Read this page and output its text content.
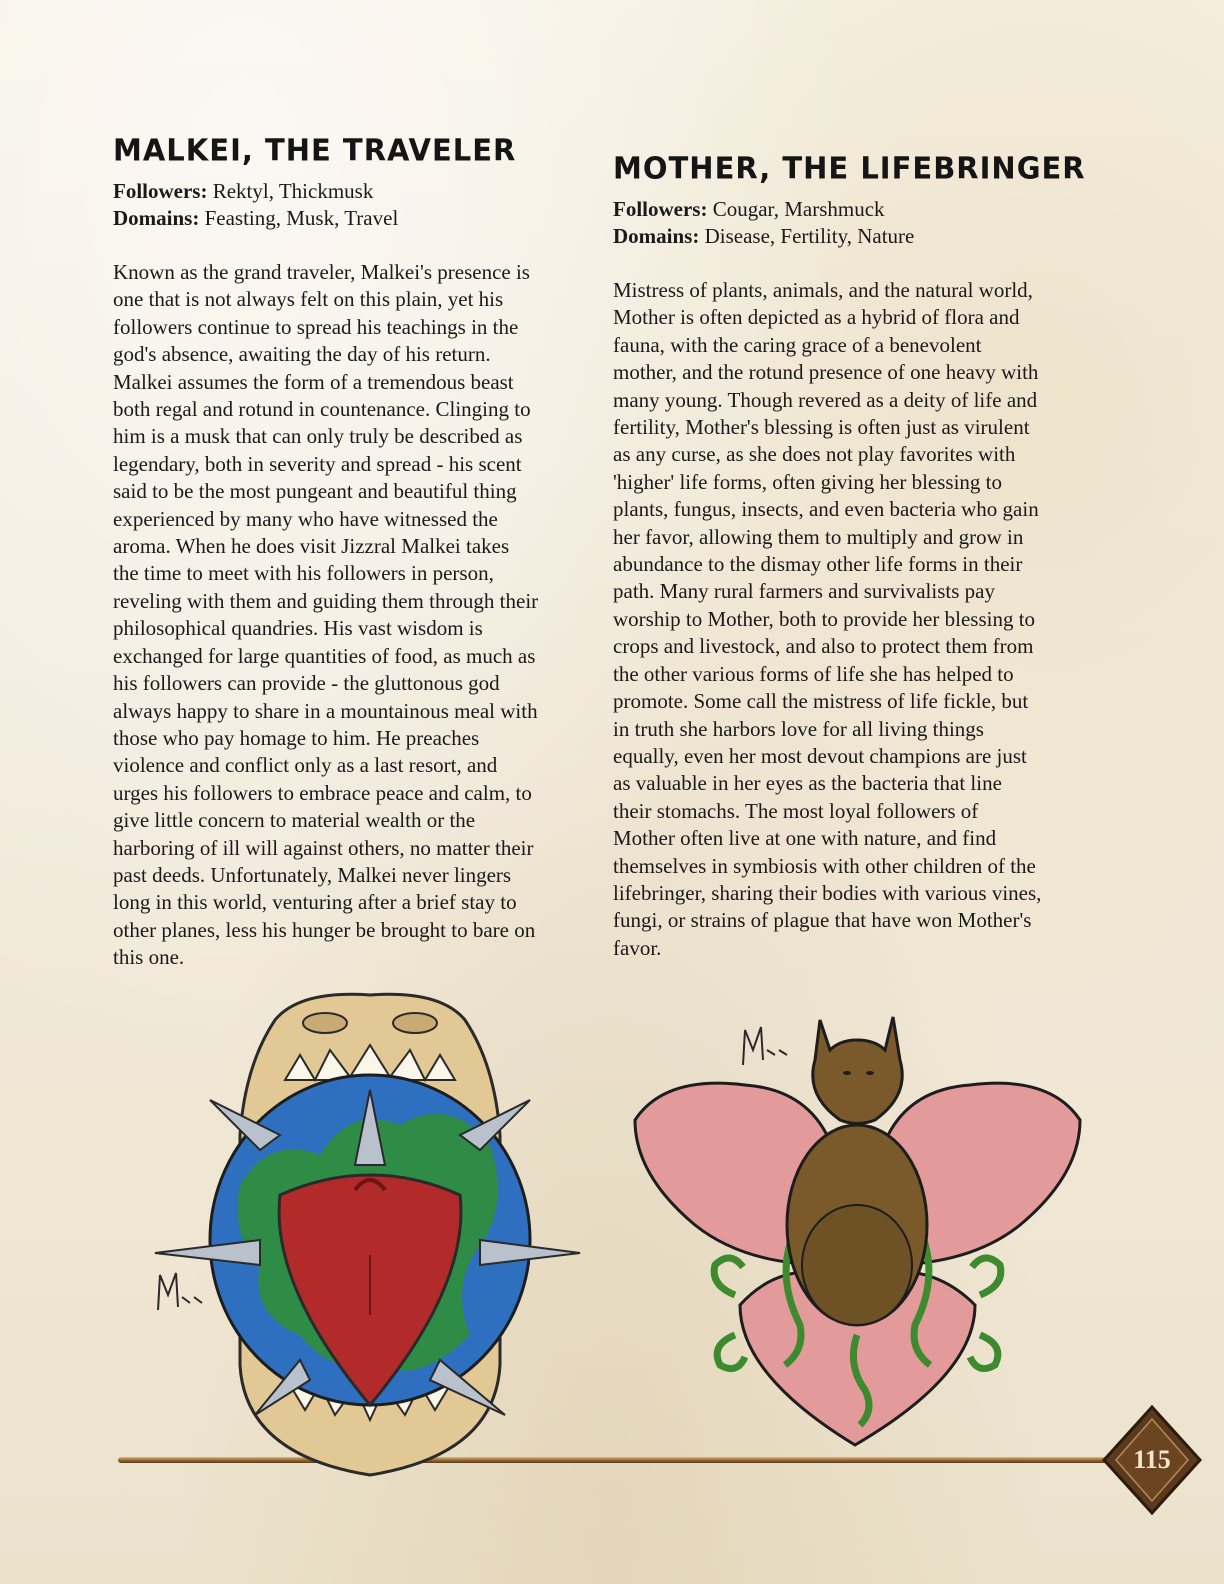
MALKEI, THE TRAVELER

Followers: Rektyl, Thickmusk

Domains: Feasting, Musk, Travel

Known as the grand traveler, Malkei's presence is
one that is not always felt on this plain, yet his
followers continue to spread his teachings in the
god's absence, awaiting the day of his return.
Malkei assumes the form of a tremendous beast
both regal and rotund in countenance. Clinging to
him is a musk that can only truly be described as
legendary, both in severity and spread - his scent
said to be the most pungeant and beautiful thing
experienced by many who have witnessed the
aroma. When he does visit Jizzral Malkei takes
the time to meet with his followers in person,
reveling with them and guiding them through their
philosophical quandries. His vast wisdom is
exchanged for large quantities of food, as much as
his followers can provide - the gluttonous god
always happy to share in a mountainous meal with
those who pay homage to him. He preaches
violence and conflict only as a last resort, and
urges his followers to embrace peace and calm, to
give little concern to material wealth or the
harboring of ill will against others, no matter their
past deeds. Unfortunately, Malkei never lingers
long in this world, venturing after a brief stay to
other planes, less his hunger be brought to bare on
this one.

MOTHER, THE LIFEBRINGER

Followers: Cougar, Marshmuck

Domains: Disease, Fertility, Nature

Mistress of plants, animals, and the natural world,
Mother is often depicted as a hybrid of flora and
fauna, with the caring grace of a benevolent
mother, and the rotund presence of one heavy with
many young. Though revered as a deity of life and
fertility, Mother's blessing is often just as virulent
as any curse, as she does not play favorites with
'higher' life forms, often giving her blessing to
plants, fungus, insects, and even bacteria who gain
her favor, allowing them to multiply and grow in
abundance to the dismay other life forms in their
path. Many rural farmers and survivalists pay
worship to Mother, both to provide her blessing to
crops and livestock, and also to protect them from
the other various forms of life she has helped to
promote. Some call the mistress of life fickle, but
in truth she harbors love for all living things
equally, even her most devout champions are just
as valuable in her eyes as the bacteria that line
their stomachs. The most loyal followers of
Mother often live at one with nature, and find
themselves in symbiosis with other children of the
lifebringer, sharing their bodies with various vines,
fungi, or strains of plague that have won Mother's
favor.

115
